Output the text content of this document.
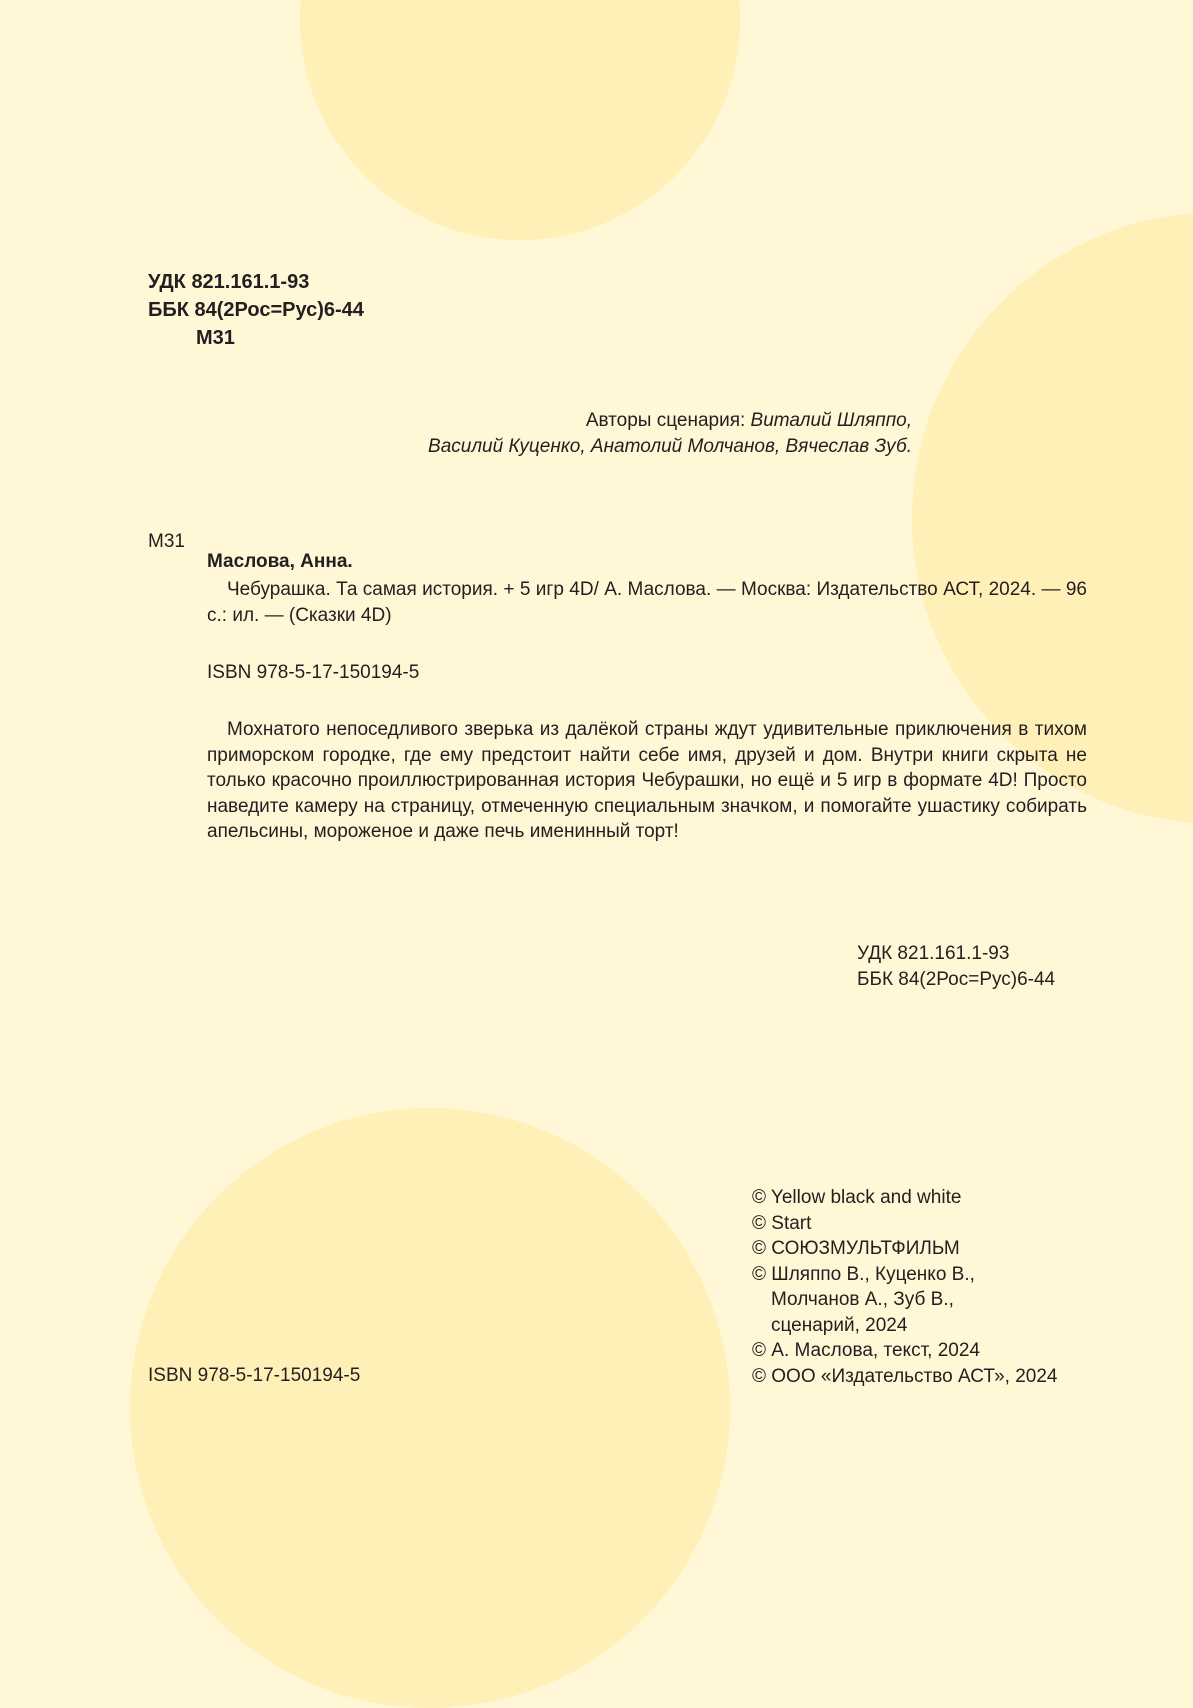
УДК 821.161.1-93
ББК 84(2Рос=Рус)6-44
М31
Авторы сценария: Виталий Шляппо,
Василий Куценко, Анатолий Молчанов, Вячеслав Зуб.
М31
Маслова, Анна.

Чебурашка. Та самая история. + 5 игр 4D/ А. Маслова. — Москва: Издательство АСТ, 2024. — 96 с.: ил. — (Сказки 4D)

ISBN 978-5-17-150194-5
Мохнатого непоседливого зверька из далёкой страны ждут удивительные приключения в тихом приморском городке, где ему предстоит найти себе имя, друзей и дом. Внутри книги скрыта не только красочно проиллюстрированная история Чебурашки, но ещё и 5 игр в формате 4D! Просто наведите камеру на страницу, отмеченную специальным значком, и помогайте ушастику собирать апельсины, мороженое и даже печь именинный торт!
УДК 821.161.1-93
ББК 84(2Рос=Рус)6-44
ISBN 978-5-17-150194-5
© Yellow black and white
© Start
© СОЮЗМУЛЬТФИЛЬМ
© Шляппо В., Куценко В.,
Молчанов А., Зуб В.,
сценарий, 2024
© А. Маслова, текст, 2024
© ООО «Издательство АСТ», 2024
